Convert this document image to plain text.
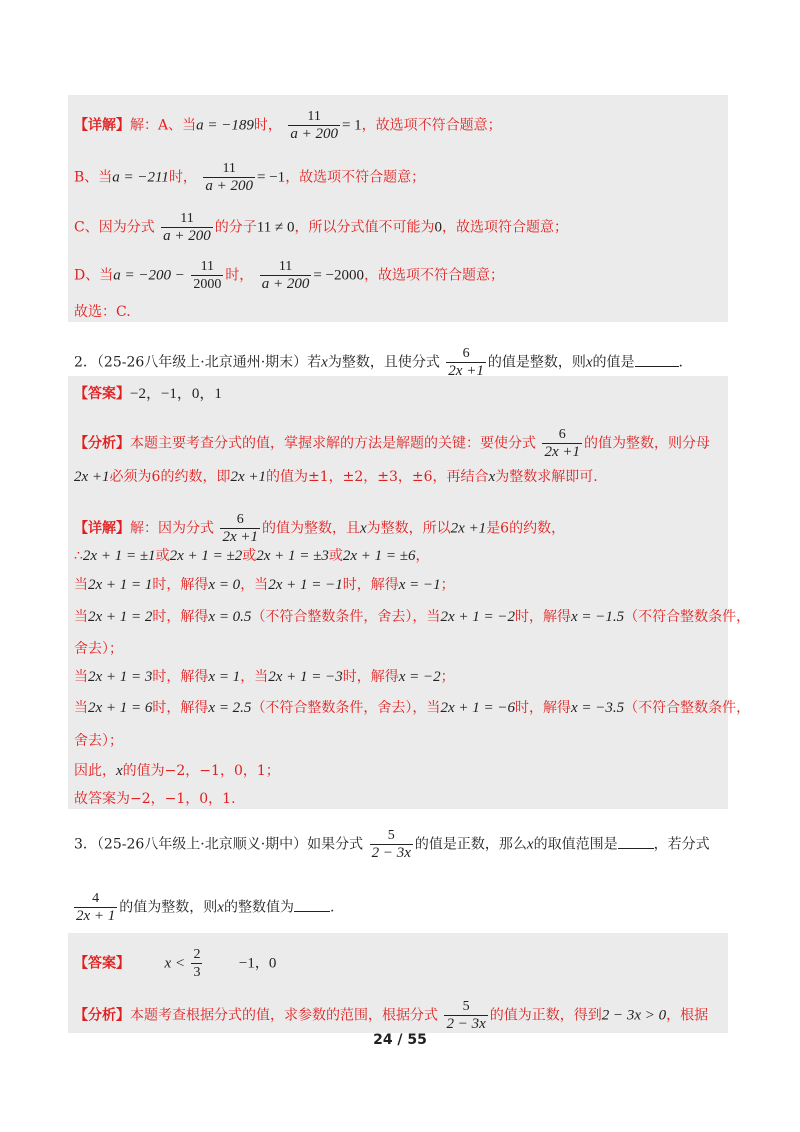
【详解】解：A、当a = −189时， $\frac{11}{a + 200} = 1$，故选项不符合题意；
B、当a = −211时， $\frac{11}{a + 200} = -1$，故选项不符合题意；
C、因为分式 $\frac{11}{a + 200}$ 的分子11 ≠ 0，所以分式值不可能为0，故选项符合题意；
D、当$a = -200 - \frac{11}{2000}$ 时， $\frac{11}{a + 200} = -2000$，故选项不符合题意；
故选：C.
2．（25-26八年级上·北京通州·期末）若x为整数，且使分式 $\frac{6}{2x +1}$ 的值是整数，则x的值是	.
【答案】−2，−1，0，1
【分析】本题主要考查分式的值，掌握求解的方法是解题的关键：要使分式 $\frac{6}{2x +1}$ 的值为整数，则分母
2x +1必须为6的约数，即2x +1的值为±1，±2，±3，±6，再结合x为整数求解即可.
【详解】解：因为分式 $\frac{6}{2x +1}$ 的值为整数，且x为整数，所以2x +1是6的约数，
∴2x + 1 = ±1或2x + 1 = ±2或2x + 1 = ±3或2x + 1 = ±6，
当2x + 1 = 1时，解得x = 0，当2x + 1 = −1时，解得x = −1；
当2x + 1 = 2时，解得x = 0.5（不符合整数条件，舍去），当2x + 1 = −2时，解得x = −1.5（不符合整数条件，
舍去）；
当2x + 1 = 3时，解得x = 1，当2x + 1 = −3时，解得x = −2；
当2x + 1 = 6时，解得x = 2.5（不符合整数条件，舍去），当2x + 1 = −6时，解得x = −3.5（不符合整数条件，
舍去）；
因此，x的值为−2，−1，0，1；
故答案为−2，−1，0，1.
3．（25-26八年级上·北京顺义·期中）如果分式 $\frac{5}{2 - 3x}$ 的值是正数，那么x的取值范围是	，若分式
$\frac{4}{2x + 1}$ 的值为整数，则x的整数值为	.
【答案】 $x < \frac{2}{3} -1$，0
【分析】本题考查根据分式的值，求参数的范围，根据分式 $\frac{5}{2 - 3x}$ 的值为正数，得到2 − 3x > 0，根据
24 / 55
